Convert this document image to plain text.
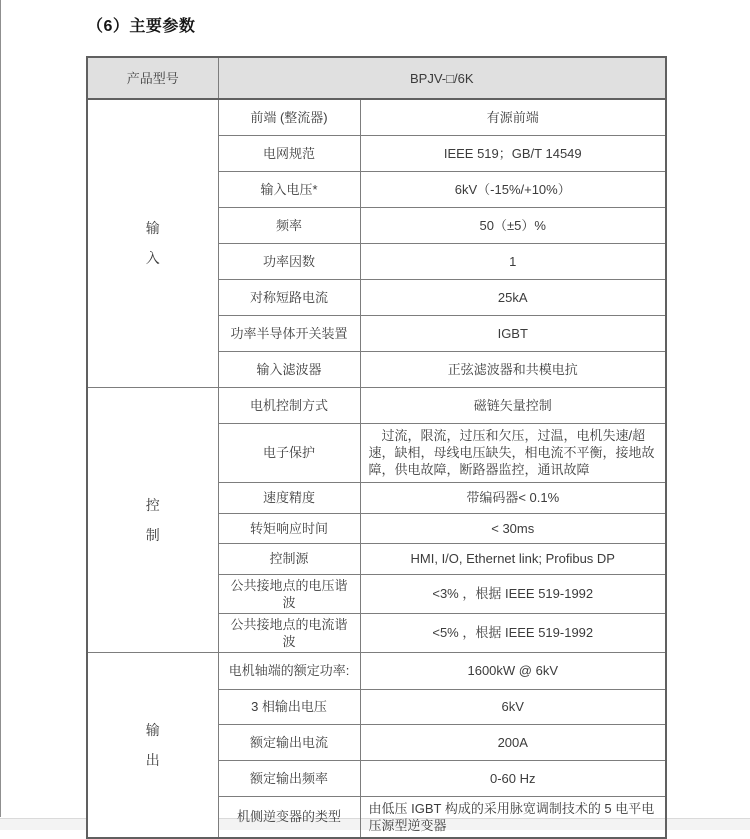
（6）主要参数
产品型号	BPJV-□/6K	

输
入	前端 (整流器)	有源前端
	电网规范	IEEE 519；GB/T 14549
	输入电压*	6kV（-15%/+10%）
	频率	50（±5）%
	功率因数	1
	对称短路电流	25kA
	功率半导体开关装置	IGBT
	输入滤波器	正弦滤波器和共模电抗

控
制	电机控制方式	磁链矢量控制
	电子保护	过流，限流，过压和欠压，过温，电机失速/超速，缺相，母线电压缺失，相电流不平衡，接地故障，供电故障，断路器监控，通讯故障
	速度精度	带编码器< 0.1%
	转矩响应时间	< 30ms
	控制源	HMI, I/O, Ethernet link; Profibus DP
	公共接地点的电压谐波	<3% ，根据 IEEE 519-1992
	公共接地点的电流谐波	<5% ，根据 IEEE 519-1992

输
出	电机轴端的额定功率:	1600kW @ 6kV
	3 相输出电压	6kV
	额定输出电流	200A
	额定输出频率	0-60 Hz
	机侧逆变器的类型	由低压 IGBT 构成的采用脉宽调制技术的 5 电平电压源型逆变器
